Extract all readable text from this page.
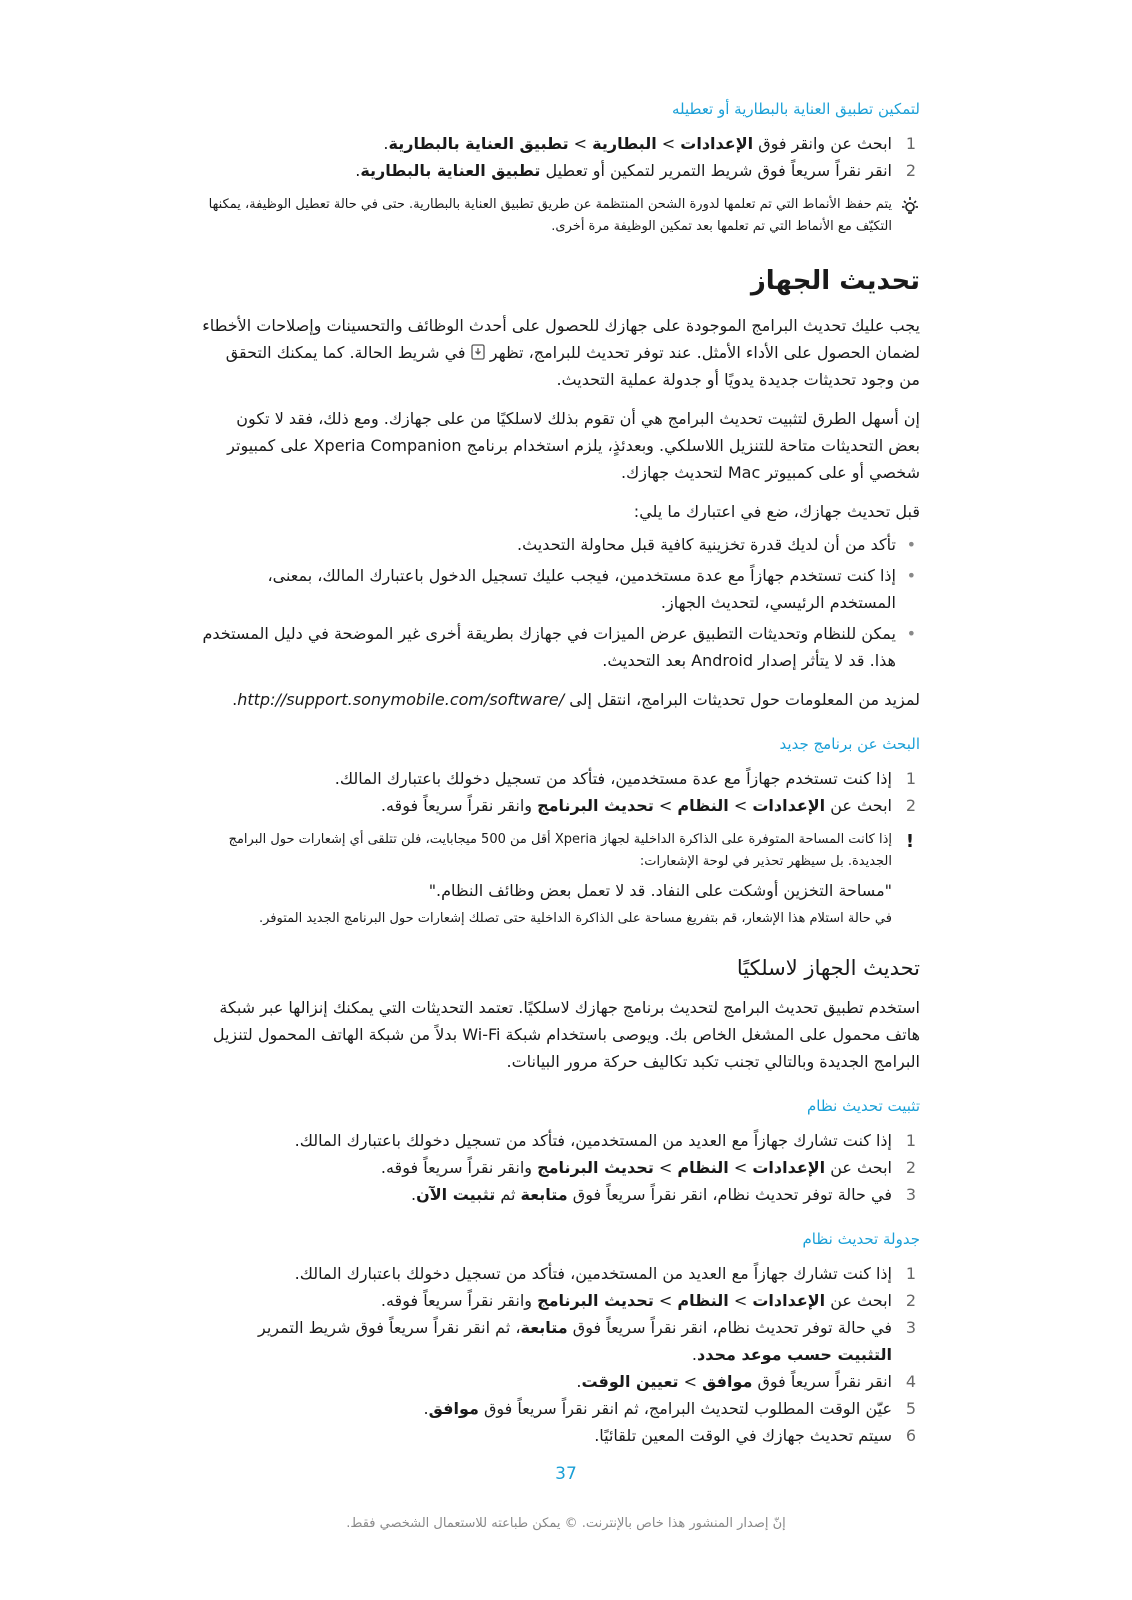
لتمكين تطبيق العناية بالبطارية أو تعطيله
1
ابحث عن وانقر فوق الإعدادات > البطارية > تطبيق العناية بالبطارية.
2
انقر نقراً سريعاً فوق شريط التمرير لتمكين أو تعطيل تطبيق العناية بالبطارية.

يتم حفظ الأنماط التي تم تعلمها لدورة الشحن المنتظمة عن طريق تطبيق العناية بالبطارية. حتى في حالة تعطيل الوظيفة، يمكنها التكيّف مع الأنماط التي تم تعلمها بعد تمكين الوظيفة مرة أخرى.

تحديث الجهاز

يجب عليك تحديث البرامج الموجودة على جهازك للحصول على أحدث الوظائف والتحسينات وإصلاحات الأخطاء لضمان الحصول على الأداء الأمثل. عند توفر تحديث للبرامج، تظهر  في شريط الحالة. كما يمكنك التحقق من وجود تحديثات جديدة يدويًا أو جدولة عملية التحديث.

إن أسهل الطرق لتثبيت تحديث البرامج هي أن تقوم بذلك لاسلكيًا من على جهازك. ومع ذلك، فقد لا تكون بعض التحديثات متاحة للتنزيل اللاسلكي. وبعدئذٍ، يلزم استخدام برنامج Xperia Companion على كمبيوتر شخصي أو على كمبيوتر Mac لتحديث جهازك.

قبل تحديث جهازك، ضع في اعتبارك ما يلي:

• تأكد من أن لديك قدرة تخزينية كافية قبل محاولة التحديث.
• إذا كنت تستخدم جهازاً مع عدة مستخدمين، فيجب عليك تسجيل الدخول باعتبارك المالك، بمعنى، المستخدم الرئيسي، لتحديث الجهاز.
• يمكن للنظام وتحديثات التطبيق عرض الميزات في جهازك بطريقة أخرى غير الموضحة في دليل المستخدم هذا. قد لا يتأثر إصدار Android بعد التحديث.

لمزيد من المعلومات حول تحديثات البرامج، انتقل إلى http://support.sonymobile.com/software/.

البحث عن برنامج جديد
1
إذا كنت تستخدم جهازاً مع عدة مستخدمين، فتأكد من تسجيل دخولك باعتبارك المالك.
2
ابحث عن الإعدادات > النظام > تحديث البرنامج وانقر نقراً سريعاً فوقه.
!

إذا كانت المساحة المتوفرة على الذاكرة الداخلية لجهاز Xperia أقل من 500 ميجابايت، فلن تتلقى أي إشعارات حول البرامج الجديدة. بل سيظهر تحذير في لوحة الإشعارات:

"مساحة التخزين أوشكت على النفاد. قد لا تعمل بعض وظائف النظام."

في حالة استلام هذا الإشعار، قم بتفريغ مساحة على الذاكرة الداخلية حتى تصلك إشعارات حول البرنامج الجديد المتوفر.

تحديث الجهاز لاسلكيًا

استخدم تطبيق تحديث البرامج لتحديث برنامج جهازك لاسلكيًا. تعتمد التحديثات التي يمكنك إنزالها عبر شبكة هاتف محمول على المشغل الخاص بك. ويوصى باستخدام شبكة Wi-Fi بدلاً من شبكة الهاتف المحمول لتنزيل البرامج الجديدة وبالتالي تجنب تكبد تكاليف حركة مرور البيانات.

تثبيت تحديث نظام
1
إذا كنت تشارك جهازاً مع العديد من المستخدمين، فتأكد من تسجيل دخولك باعتبارك المالك.
2
ابحث عن الإعدادات > النظام > تحديث البرنامج وانقر نقراً سريعاً فوقه.
3
في حالة توفر تحديث نظام، انقر نقراً سريعاً فوق متابعة ثم تثبيت الآن.
جدولة تحديث نظام
1
إذا كنت تشارك جهازاً مع العديد من المستخدمين، فتأكد من تسجيل دخولك باعتبارك المالك.
2
ابحث عن الإعدادات > النظام > تحديث البرنامج وانقر نقراً سريعاً فوقه.
3
في حالة توفر تحديث نظام، انقر نقراً سريعاً فوق متابعة، ثم انقر نقراً سريعاً فوق شريط التمرير التثبيت حسب موعد محدد.
4
انقر نقراً سريعاً فوق موافق > تعيين الوقت.
5
عيّن الوقت المطلوب لتحديث البرامج، ثم انقر نقراً سريعاً فوق موافق.
6
سيتم تحديث جهازك في الوقت المعين تلقائيًا.
37
إنّ إصدار المنشور هذا خاص بالإنترنت. © يمكن طباعته للاستعمال الشخصي فقط.
